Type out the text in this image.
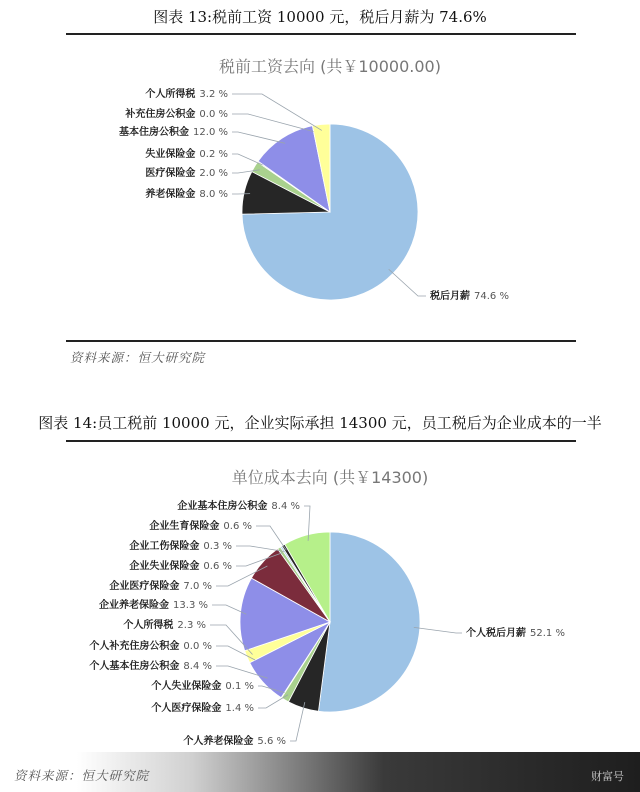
图表 13:税前工资 10000 元，税后月薪为 74.6%
资料来源：恒大研究院
图表 14:员工税前 10000 元，企业实际承担 14300 元，员工税后为企业成本的一半
税前工资去向 (共￥10000.00)
税后月薪 74.6 %
养老保险金 8.0 %
医疗保险金 2.0 %
失业保险金 0.2 %
基本住房公积金 12.0 %
补充住房公积金 0.0 %
个人所得税 3.2 %
单位成本去向 (共￥14300)
个人税后月薪 52.1 %
个人养老保险金 5.6 %
个人医疗保险金 1.4 %
个人失业保险金 0.1 %
个人基本住房公积金 8.4 %
个人补充住房公积金 0.0 %
个人所得税 2.3 %
企业养老保险金 13.3 %
企业医疗保险金 7.0 %
企业失业保险金 0.6 %
企业工伤保险金 0.3 %
企业生育保险金 0.6 %
企业基本住房公积金 8.4 %
资料来源：恒大研究院	财富号
